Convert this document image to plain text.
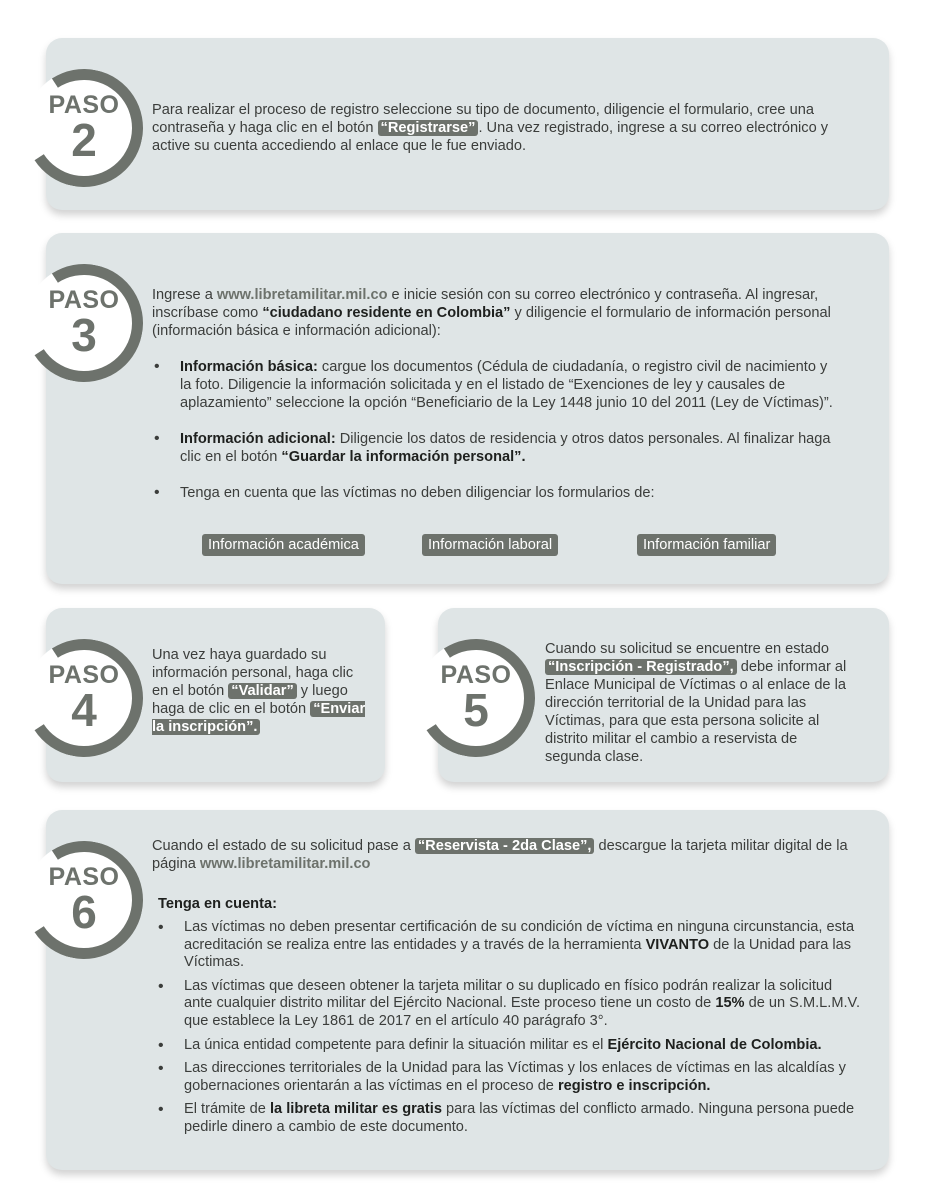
PASO
2

Para realizar el proceso de registro seleccione su tipo de documento, diligencie el formulario, cree una contraseña y haga clic en el botón “Registrarse” . Una vez registrado, ingrese a su correo electrónico y active su cuenta accediendo al enlace que le fue enviado.

PASO
3

Ingrese a www.libretamilitar.mil.co e inicie sesión con su correo electrónico y contraseña. Al ingresar, inscríbase como “ciudadano residente en Colombia” y diligencie el formulario de información personal (información básica e información adicional):

• Información básica: cargue los documentos (Cédula de ciudadanía, o registro civil de nacimiento y la foto. Diligencie la información solicitada y en el listado de “Exenciones de ley y causales de aplazamiento” seleccione la opción “Beneficiario de la Ley 1448 junio 10 del 2011 (Ley de Víctimas)”.
• Información adicional: Diligencie los datos de residencia y otros datos personales. Al finalizar haga clic en el botón “Guardar la información personal”.
• Tenga en cuenta que las víctimas no deben diligenciar los formularios de:
Información académica	Información laboral	Información familiar
PASO
4

Una vez haya guardado su información personal, haga clic en el botón “Validar” y luego haga de clic en el botón “Enviar la inscripción”.

PASO
5

Cuando su solicitud se encuentre en estado “Inscripción - Registrado”, debe informar al Enlace Municipal de Víctimas o al enlace de la dirección territorial de la Unidad para las Víctimas, para que esta persona solicite al distrito militar el cambio a reservista de segunda clase.

PASO
6

Cuando el estado de su solicitud pase a “Reservista - 2da Clase”, descargue la tarjeta militar digital de la página www.libretamilitar.mil.co

Tenga en cuenta:
• Las víctimas no deben presentar certificación de su condición de víctima en ninguna circunstancia, esta acreditación se realiza entre las entidades y a través de la herramienta VIVANTO de la Unidad para las Víctimas.
• Las víctimas que deseen obtener la tarjeta militar o su duplicado en físico podrán realizar la solicitud ante cualquier distrito militar del Ejército Nacional. Este proceso tiene un costo de 15% de un S.M.L.M.V. que establece la Ley 1861 de 2017 en el artículo 40 parágrafo 3°.
• La única entidad competente para definir la situación militar es el Ejército Nacional de Colombia.
• Las direcciones territoriales de la Unidad para las Víctimas y los enlaces de víctimas en las alcaldías y gobernaciones orientarán a las víctimas en el proceso de registro e inscripción.
• El trámite de la libreta militar es gratis para las víctimas del conflicto armado. Ninguna persona puede pedirle dinero a cambio de este documento.
